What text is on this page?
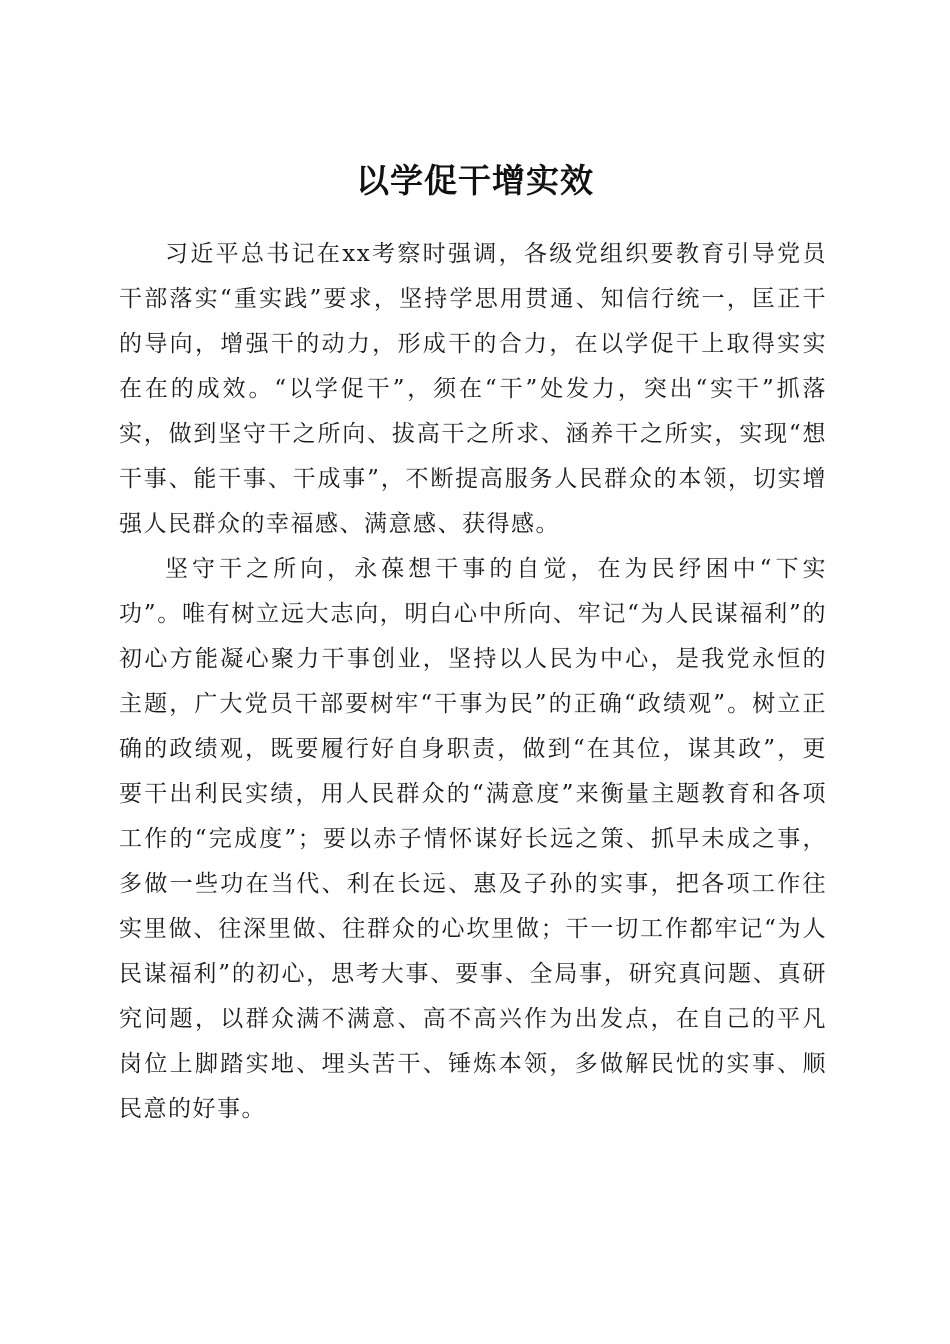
以学促干增实效

习近平总书记在xx考察时强调，各级党组织要教育引导党员干部落实“重实践”要求，坚持学思用贯通、知信行统一，匡正干的导向，增强干的动力，形成干的合力，在以学促干上取得实实在在的成效。“以学促干”，须在“干”处发力，突出“实干”抓落实，做到坚守干之所向、拔高干之所求、涵养干之所实，实现“想干事、能干事、干成事”，不断提高服务人民群众的本领，切实增强人民群众的幸福感、满意感、获得感。

坚守干之所向，永葆想干事的自觉，在为民纾困中“下实功”。唯有树立远大志向，明白心中所向、牢记“为人民谋福利”的初心方能凝心聚力干事创业，坚持以人民为中心，是我党永恒的主题，广大党员干部要树牢“干事为民”的正确“政绩观”。树立正确的政绩观，既要履行好自身职责，做到“在其位，谋其政”，更要干出利民实绩，用人民群众的“满意度”来衡量主题教育和各项工作的“完成度”；要以赤子情怀谋好长远之策、抓早未成之事，多做一些功在当代、利在长远、惠及子孙的实事，把各项工作往实里做、往深里做、往群众的心坎里做；干一切工作都牢记“为人民谋福利”的初心，思考大事、要事、全局事，研究真问题、真研究问题，以群众满不满意、高不高兴作为出发点，在自己的平凡岗位上脚踏实地、埋头苦干、锤炼本领，多做解民忧的实事、顺民意的好事。
